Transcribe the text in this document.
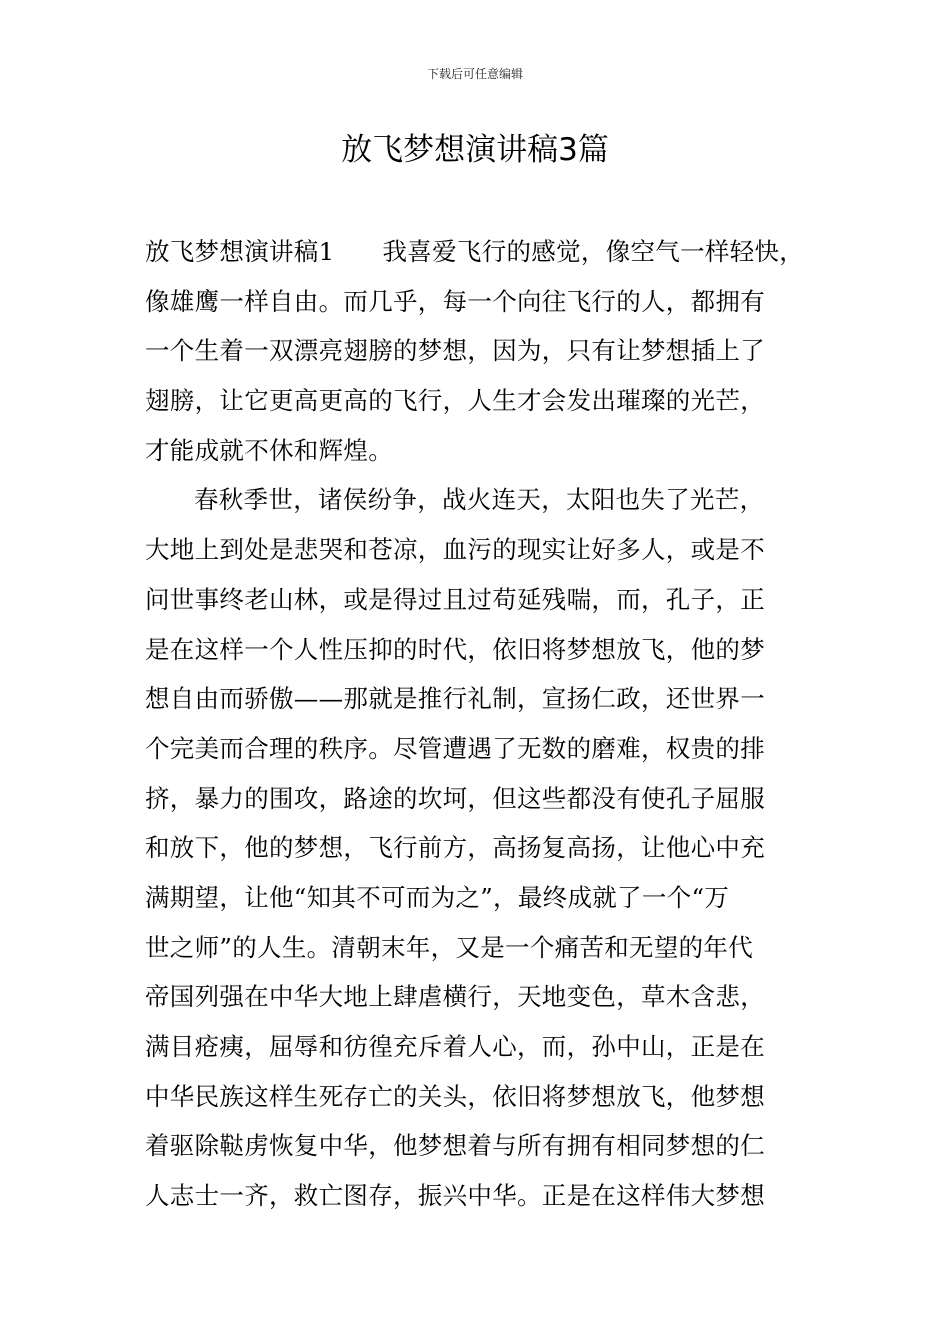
下载后可任意编辑
放飞梦想演讲稿3篇
放飞梦想演讲稿1 我喜爱飞行的感觉，像空气一样轻快，
像雄鹰一样自由。而几乎，每一个向往飞行的人，都拥有
一个生着一双漂亮翅膀的梦想，因为，只有让梦想插上了
翅膀，让它更高更高的飞行，人生才会发出璀璨的光芒，
才能成就不休和辉煌。
春秋季世，诸侯纷争，战火连天，太阳也失了光芒，
大地上到处是悲哭和苍凉，血污的现实让好多人，或是不
问世事终老山林，或是得过且过苟延残喘，而，孔子，正
是在这样一个人性压抑的时代，依旧将梦想放飞，他的梦
想自由而骄傲——那就是推行礼制，宣扬仁政，还世界一
个完美而合理的秩序。尽管遭遇了无数的磨难，权贵的排
挤，暴力的围攻，路途的坎坷，但这些都没有使孔子屈服
和放下，他的梦想，飞行前方，高扬复高扬，让他心中充
满期望，让他“知其不可而为之”，最终成就了一个“万
世之师”的人生。清朝末年，又是一个痛苦和无望的年代
帝国列强在中华大地上肆虐横行，天地变色，草木含悲，
满目疮痍，屈辱和彷徨充斥着人心，而，孙中山，正是在
中华民族这样生死存亡的关头，依旧将梦想放飞，他梦想
着驱除鞑虏恢复中华，他梦想着与所有拥有相同梦想的仁
人志士一齐，救亡图存，振兴中华。正是在这样伟大梦想
